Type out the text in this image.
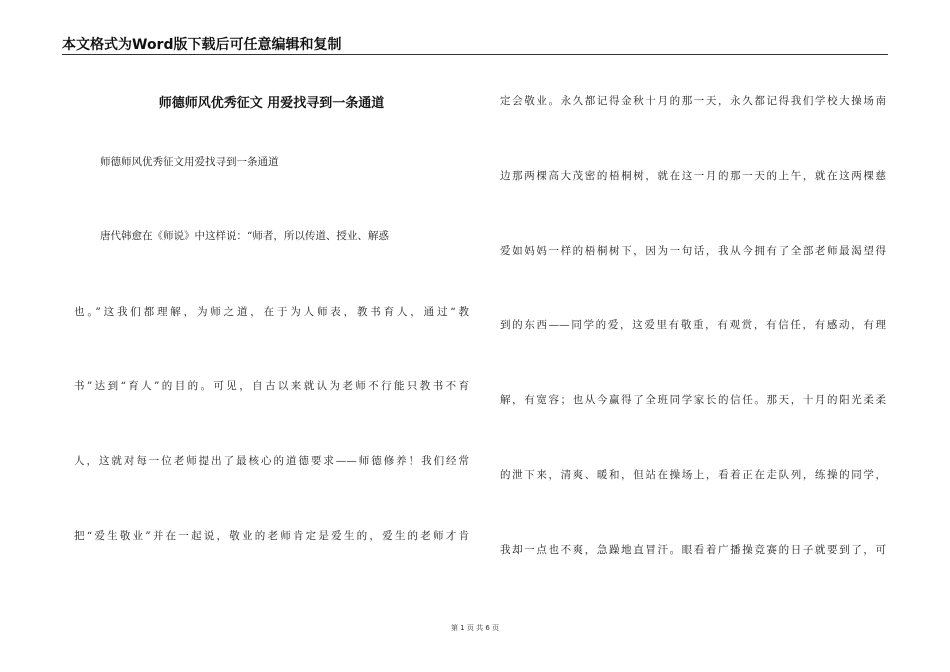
本文格式为Word版下载后可任意编辑和复制
师德师风优秀征文 用爱找寻到一条通道
师德师风优秀征文用爱找寻到一条通道
唐代韩愈在《师说》中这样说：“师者，所以传道、授业、解惑
也。”这我们都理解，为师之道，在于为人师表，教书育人，通过“教
书”达到“育人”的目的。可见，自古以来就认为老师不行能只教书不育
人，这就对每一位老师提出了最核心的道德要求——师德修养！我们经常
把“爱生敬业”并在一起说，敬业的老师肯定是爱生的，爱生的老师才肯
定会敬业。永久都记得金秋十月的那一天，永久都记得我们学校大操场南
边那两棵高大茂密的梧桐树，就在这一月的那一天的上午，就在这两棵慈
爱如妈妈一样的梧桐树下，因为一句话，我从今拥有了全部老师最渴望得
到的东西——同学的爱，这爱里有敬重，有观赏，有信任，有感动，有理
解，有宽容；也从今赢得了全班同学家长的信任。那天，十月的阳光柔柔
的泄下来，清爽、暖和，但站在操场上，看着正在走队列，练操的同学，
我却一点也不爽，急躁地直冒汗。眼看着广播操竞赛的日子就要到了，可
第 1 页 共 6 页
